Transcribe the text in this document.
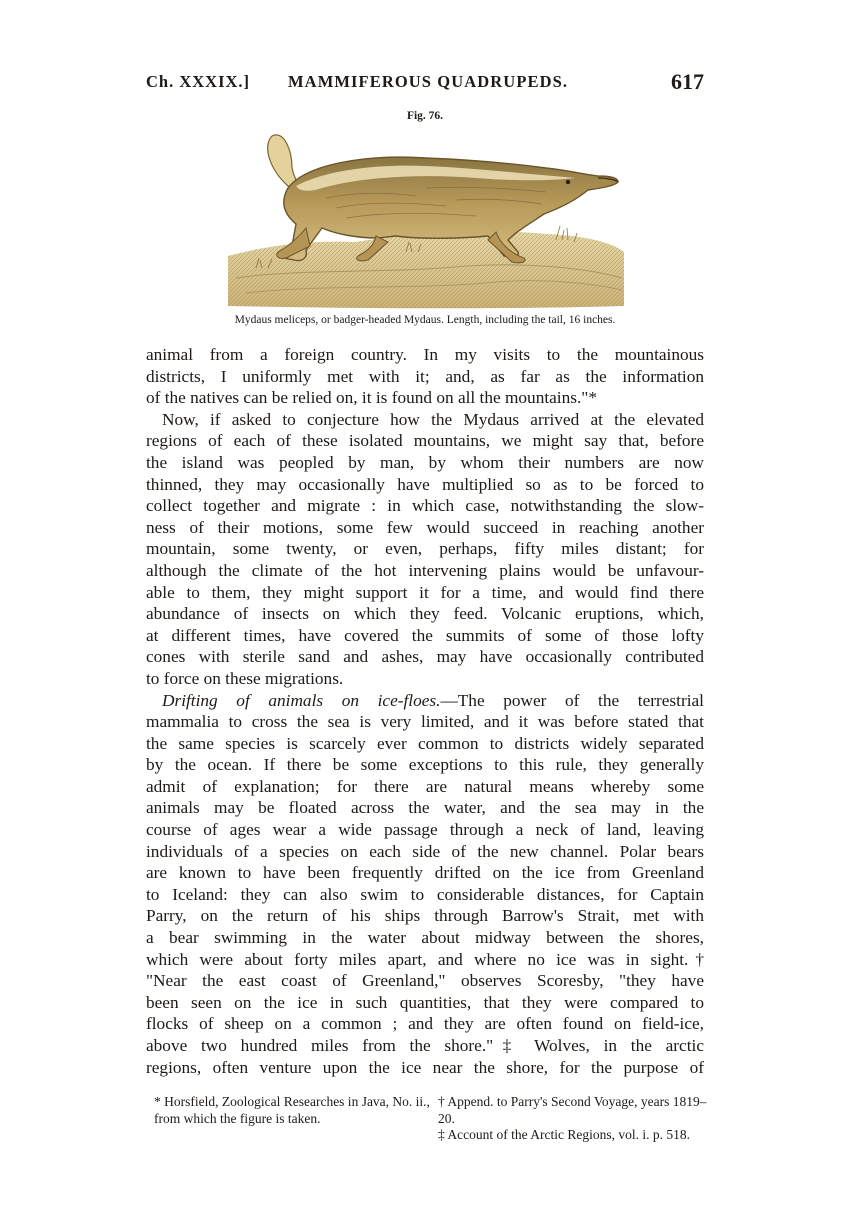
Ch. XXXIX.] MAMMIFEROUS QUADRUPEDS.	617
Fig. 76.
Mydaus meliceps, or badger-headed Mydaus. Length, including the tail, 16 inches.
animal from a foreign country. In my visits to the mountainous
districts, I uniformly met with it; and, as far as the information
of the natives can be relied on, it is found on all the mountains."*
Now, if asked to conjecture how the Mydaus arrived at the elevated
regions of each of these isolated mountains, we might say that, before
the island was peopled by man, by whom their numbers are now
thinned, they may occasionally have multiplied so as to be forced to
collect together and migrate : in which case, notwithstanding the slow-
ness of their motions, some few would succeed in reaching another
mountain, some twenty, or even, perhaps, fifty miles distant; for
although the climate of the hot intervening plains would be unfavour-
able to them, they might support it for a time, and would find there
abundance of insects on which they feed. Volcanic eruptions, which,
at different times, have covered the summits of some of those lofty
cones with sterile sand and ashes, may have occasionally contributed
to force on these migrations.
Drifting of animals on ice-floes.—The power of the terrestrial
mammalia to cross the sea is very limited, and it was before stated that
the same species is scarcely ever common to districts widely separated
by the ocean. If there be some exceptions to this rule, they generally
admit of explanation; for there are natural means whereby some
animals may be floated across the water, and the sea may in the
course of ages wear a wide passage through a neck of land, leaving
individuals of a species on each side of the new channel. Polar bears
are known to have been frequently drifted on the ice from Greenland
to Iceland: they can also swim to considerable distances, for Captain
Parry, on the return of his ships through Barrow's Strait, met with
a bear swimming in the water about midway between the shores,
which were about forty miles apart, and where no ice was in sight.†
"Near the east coast of Greenland," observes Scoresby, "they have
been seen on the ice in such quantities, that they were compared to
flocks of sheep on a common ; and they are often found on field-ice,
above two hundred miles from the shore."‡ Wolves, in the arctic
regions, often venture upon the ice near the shore, for the purpose of
* Horsfield, Zoological Researches in Java, No. ii., from which the figure is taken.
† Append. to Parry's Second Voyage, years 1819–20.
‡ Account of the Arctic Regions, vol. i. p. 518.
